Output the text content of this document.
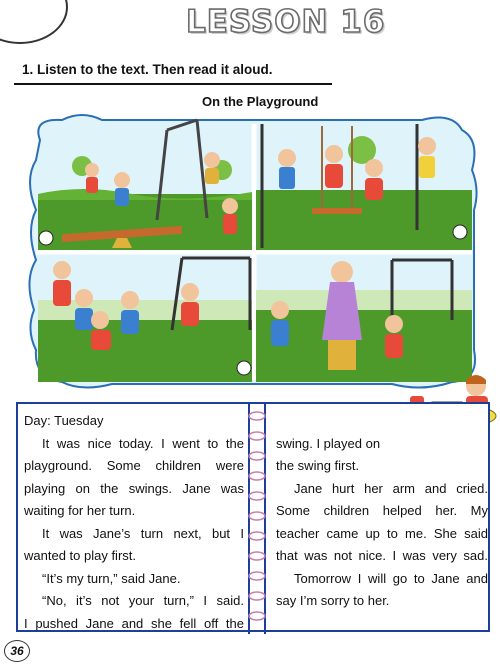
LESSON 16
1. Listen to the text. Then read it aloud.
On the Playground
Day: Tuesday
It was nice today. I went to the
playground. Some children were
playing on the swings. Jane was
waiting for her turn.
It was Jane’s turn next, but I
wanted to play first.
“It’s my turn,” said Jane.
“No, it’s not your turn,” I said.
I pushed Jane and she fell off the
swing. I played on
the swing first.
Jane hurt her arm and cried.
Some children helped her. My
teacher came up to me. She said
that was not nice. I was very sad.
Tomorrow I will go to Jane and
say I’m sorry to her.
36
